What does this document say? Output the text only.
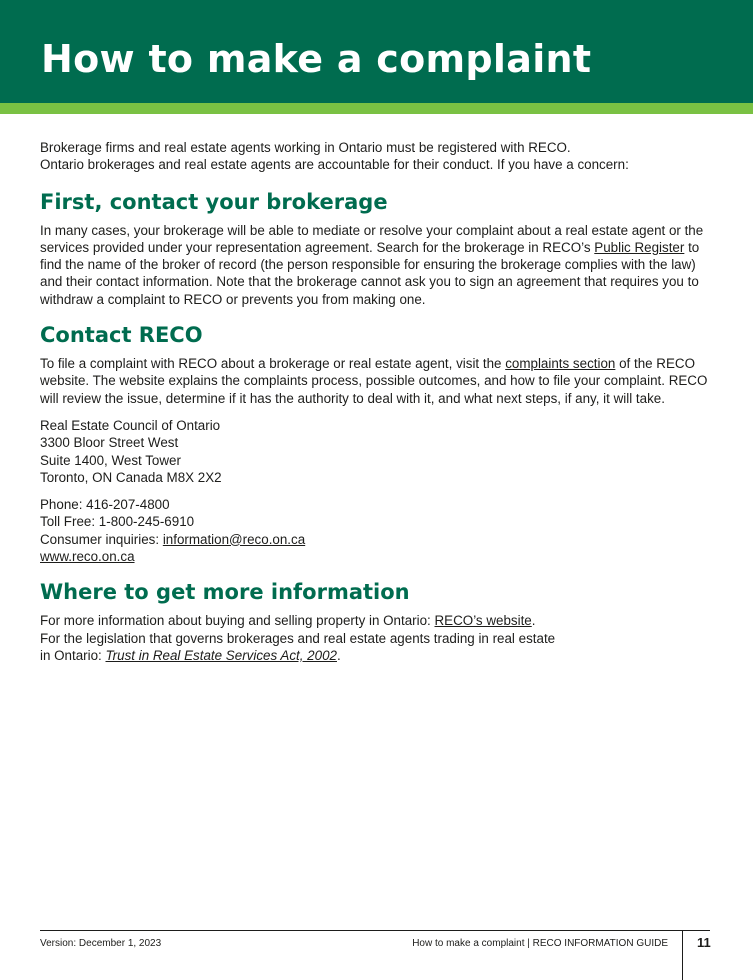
How to make a complaint

Brokerage firms and real estate agents working in Ontario must be registered with RECO.

Ontario brokerages and real estate agents are accountable for their conduct. If you have a concern:

First, contact your brokerage

In many cases, your brokerage will be able to mediate or resolve your complaint about a real estate agent or the services provided under your representation agreement. Search for the brokerage in RECO’s Public Register to find the name of the broker of record (the person responsible for ensuring the brokerage complies with the law) and their contact information. Note that the brokerage cannot ask you to sign an agreement that requires you to withdraw a complaint to RECO or prevents you from making one.

Contact RECO

To file a complaint with RECO about a brokerage or real estate agent, visit the complaints section of the RECO website. The website explains the complaints process, possible outcomes, and how to file your complaint. RECO will review the issue, determine if it has the authority to deal with it, and what next steps, if any, it will take.

Real Estate Council of Ontario
3300 Bloor Street West
Suite 1400, West Tower
Toronto, ON Canada M8X 2X2

Phone: 416-207-4800
Toll Free: 1-800-245-6910
Consumer inquiries: information@reco.on.ca
www.reco.on.ca

Where to get more information

For more information about buying and selling property in Ontario: RECO’s website.
For the legislation that governs brokerages and real estate agents trading in real estate
in Ontario: Trust in Real Estate Services Act, 2002.

Version: December 1, 2023	How to make a complaint | RECO INFORMATION GUIDE 11
